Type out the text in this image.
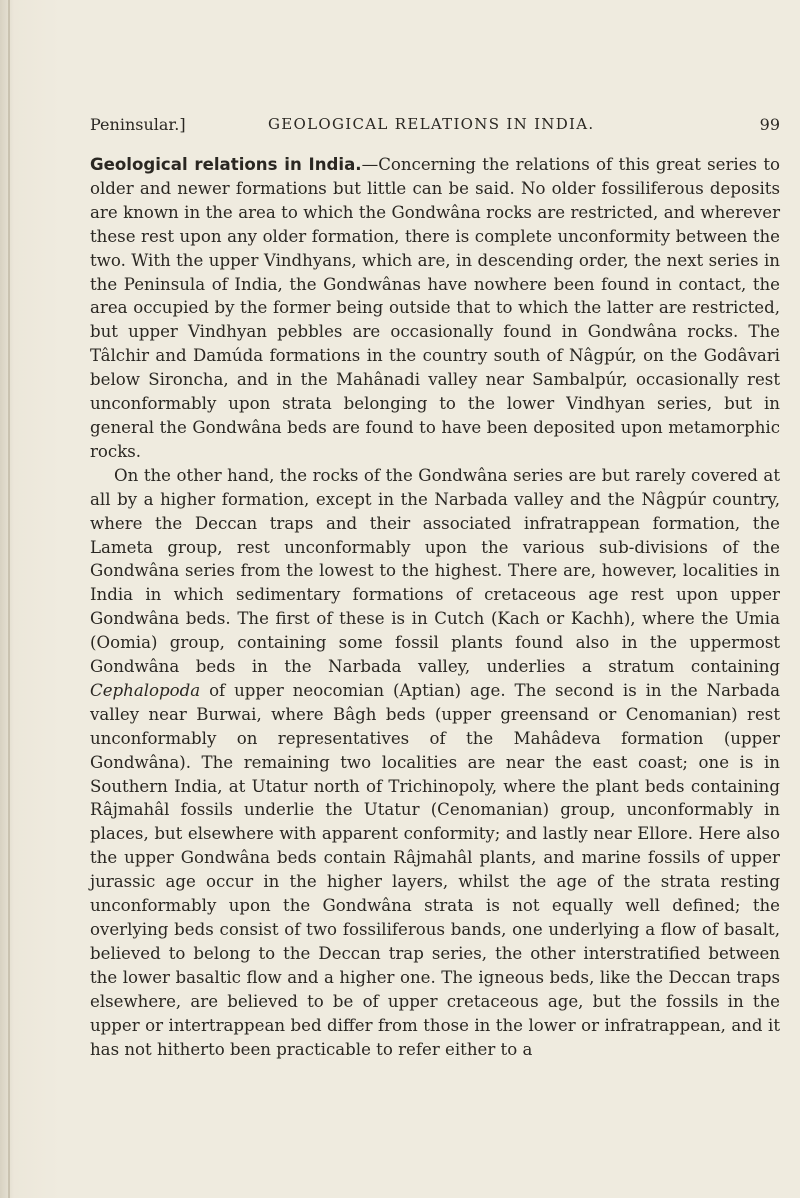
Peninsular.]	GEOLOGICAL RELATIONS IN INDIA.	99

Geological relations in India.—Concerning the relations of this great series to older and newer formations but little can be said. No older fossiliferous deposits are known in the area to which the Gondwâna rocks are restricted, and wherever these rest upon any older formation, there is complete unconformity between the two. With the upper Vindhyans, which are, in descending order, the next series in the Peninsula of India, the Gondwânas have nowhere been found in contact, the area occupied by the former being outside that to which the latter are restricted, but upper Vindhyan pebbles are occasionally found in Gondwâna rocks. The Tâlchir and Damúda formations in the country south of Nâgpúr, on the Godâvari below Sironcha, and in the Mahânadi valley near Sambalpúr, occasionally rest unconformably upon strata belonging to the lower Vindhyan series, but in general the Gondwâna beds are found to have been deposited upon metamorphic rocks.

On the other hand, the rocks of the Gondwâna series are but rarely covered at all by a higher formation, except in the Narbada valley and the Nâgpúr country, where the Deccan traps and their associated infratrappean formation, the Lameta group, rest unconformably upon the various sub-divisions of the Gondwâna series from the lowest to the highest. There are, however, localities in India in which sedimentary formations of cretaceous age rest upon upper Gondwâna beds. The first of these is in Cutch (Kach or Kachh), where the Umia (Oomia) group, containing some fossil plants found also in the uppermost Gondwâna beds in the Narbada valley, underlies a stratum containing Cephalopoda of upper neocomian (Aptian) age. The second is in the Narbada valley near Burwai, where Bâgh beds (upper greensand or Cenomanian) rest unconformably on representatives of the Mahâdeva formation (upper Gondwâna). The remaining two localities are near the east coast; one is in Southern India, at Utatur north of Trichinopoly, where the plant beds containing Râjmahâl fossils underlie the Utatur (Cenomanian) group, unconformably in places, but elsewhere with apparent conformity; and lastly near Ellore. Here also the upper Gondwâna beds contain Râjmahâl plants, and marine fossils of upper jurassic age occur in the higher layers, whilst the age of the strata resting unconformably upon the Gondwâna strata is not equally well defined; the overlying beds consist of two fossiliferous bands, one underlying a flow of basalt, believed to belong to the Deccan trap series, the other interstratified between the lower basaltic flow and a higher one. The igneous beds, like the Deccan traps elsewhere, are believed to be of upper cretaceous age, but the fossils in the upper or intertrappean bed differ from those in the lower or infratrappean, and it has not hitherto been practicable to refer either to a
